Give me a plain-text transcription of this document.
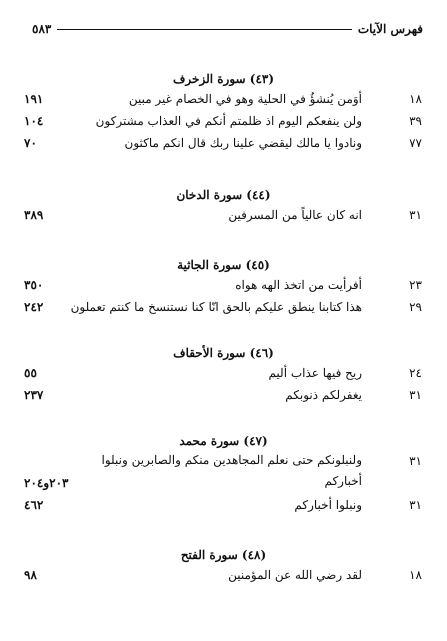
فهرس الآيات
٥٨٣
(٤٣) سورة الزخرف
١٨
أوَمن يُنشؤُ في الحلية وهو في الخصام غير مبين
١٩١
٣٩
ولن ينفعكم اليوم اذ ظلمتم أنكم في العذاب مشتركون
١٠٤
٧٧
ونادوا يا مالك ليقضي علينا ربك قال انكم ماكثون
٧٠
(٤٤) سورة الدخان
٣١
انه كان عالياً من المسرفين
٣٨٩
(٤٥) سورة الجاثية
٢٣
أفرأيت من اتخذ الهه هواه
٣٥٠
٢٩
هذا كتابنا ينطق عليكم بالحق انّا كنا نستنسخ ما كنتم تعملون
٢٤٢
(٤٦) سورة الأحقاف
٢٤
ريح فيها عذاب أليم
٥٥
٣١
يغفرلكم ذنوبكم
٢٣٧
(٤٧) سورة محمد
٣١
ولنبلونكم حتى نعلم المجاهدين منكم والصابرين ونبلوا أخباركم
٢٠٣و٢٠٤
٣١
ونبلوا أخباركم
٤٦٢
(٤٨) سورة الفتح
١٨
لقد رضي الله عن المؤمنين
٩٨
